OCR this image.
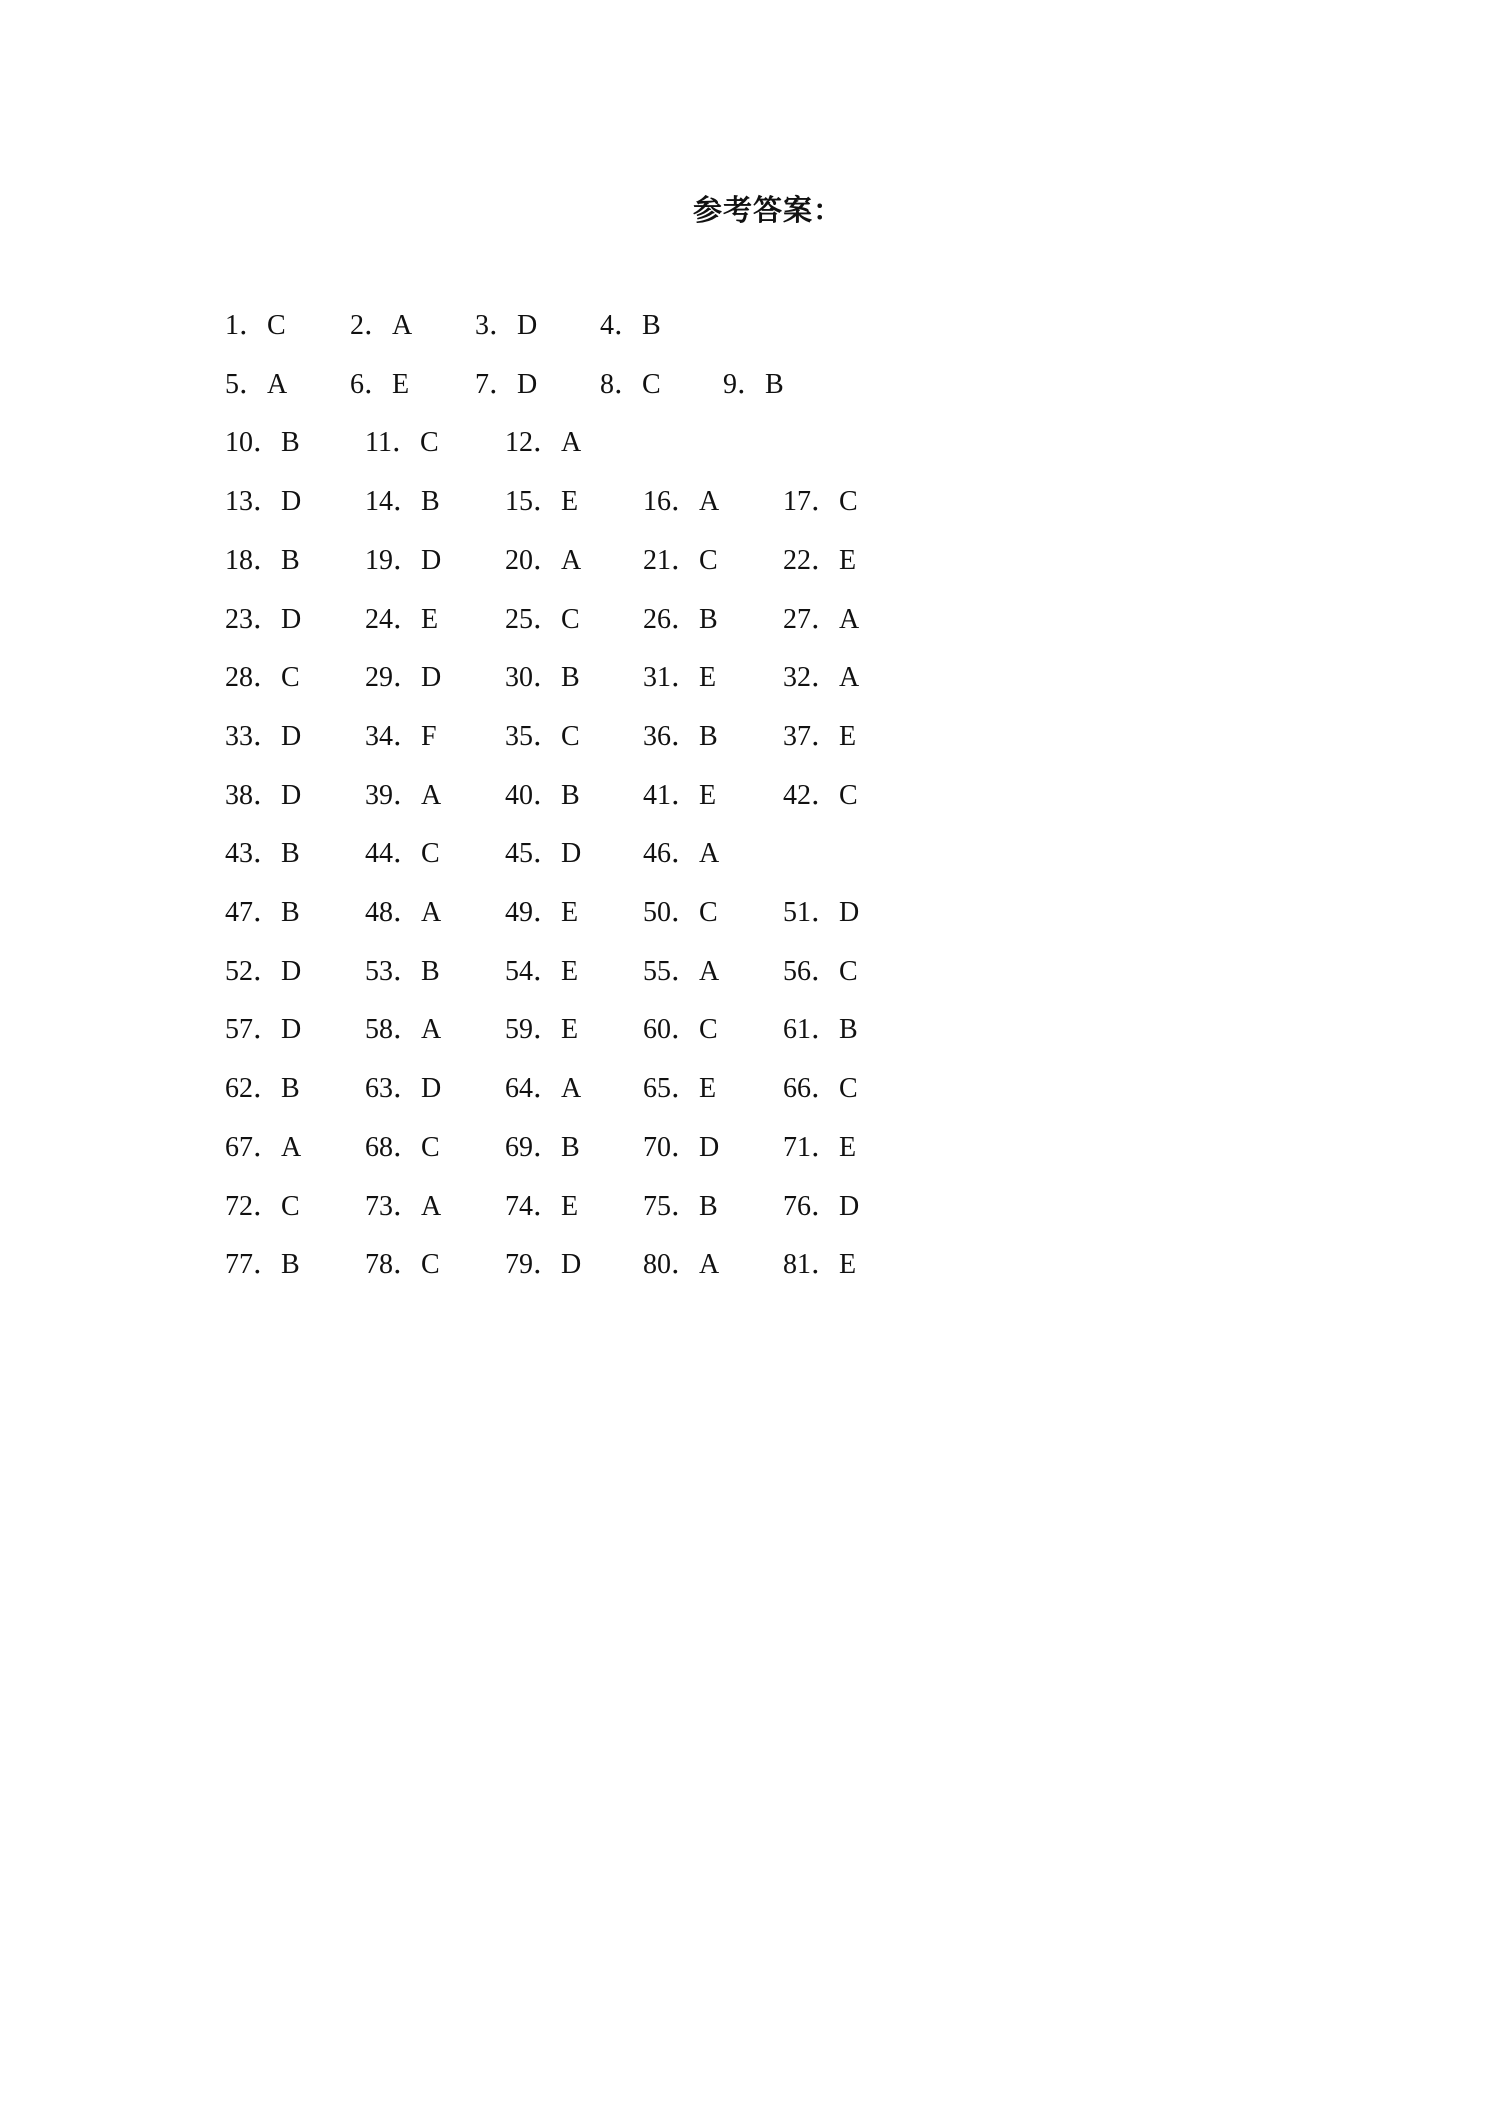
参考答案：
1．C 2．A 3．D 4．B
5．A 6．E 7．D 8．C 9．B
10．B 11．C 12．A
13．D 14．B 15．E 16．A 17．C
18．B 19．D 20．A 21．C 22．E
23．D 24．E 25．C 26．B 27．A
28．C 29．D 30．B 31．E 32．A
33．D 34．F 35．C 36．B 37．E
38．D 39．A 40．B 41．E 42．C
43．B 44．C 45．D 46．A
47．B 48．A 49．E 50．C 51．D
52．D 53．B 54．E 55．A 56．C
57．D 58．A 59．E 60．C 61．B
62．B 63．D 64．A 65．E 66．C
67．A 68．C 69．B 70．D 71．E
72．C 73．A 74．E 75．B 76．D
77．B 78．C 79．D 80．A 81．E
